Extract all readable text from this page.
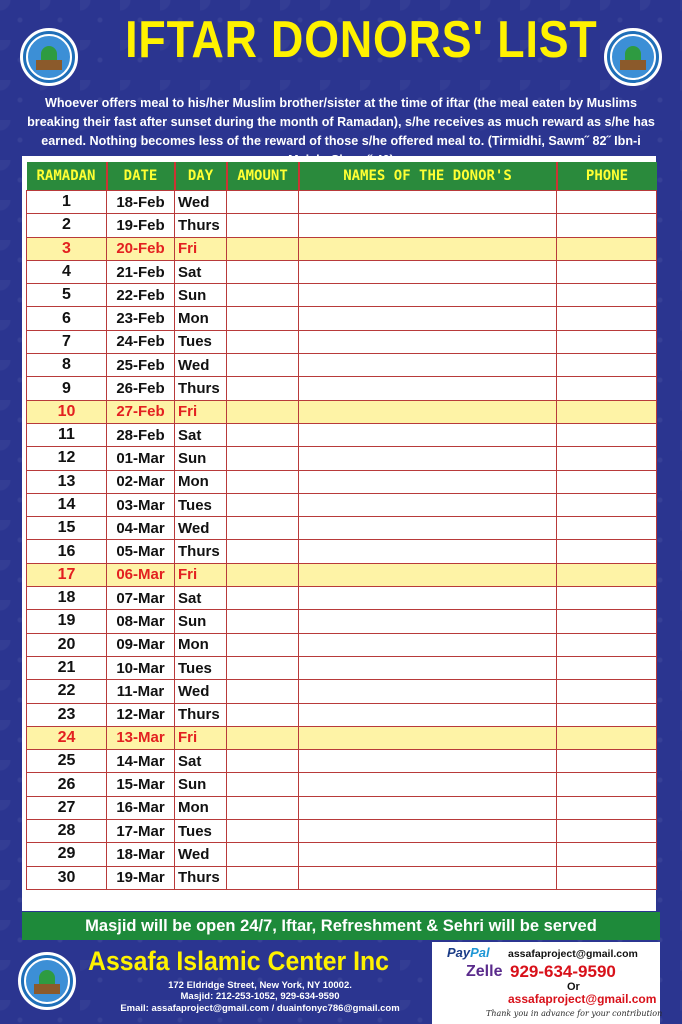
IFTAR DONORS' LIST
Whoever offers meal to his/her Muslim brother/sister at the time of iftar (the meal eaten by Muslims breaking their fast after sunset during the month of Ramadan), s/he receives as much reward as s/he has earned. Nothing becomes less of the reward of those s/he offered meal to. (Tirmidhi, Sawm˝ 82˝ Ibn-i
RAMADAN	DATE	DAY	AMOUNT	NAMES OF THE DONOR'S	PHONE
1	18-Feb	Wed			
2	19-Feb	Thurs			
3	20-Feb	Fri			
4	21-Feb	Sat			
5	22-Feb	Sun			
6	23-Feb	Mon			
7	24-Feb	Tues			
8	25-Feb	Wed			
9	26-Feb	Thurs			
10	27-Feb	Fri			
11	28-Feb	Sat			
12	01-Mar	Sun			
13	02-Mar	Mon			
14	03-Mar	Tues			
15	04-Mar	Wed			
16	05-Mar	Thurs			
17	06-Mar	Fri			
18	07-Mar	Sat			
19	08-Mar	Sun			
20	09-Mar	Mon			
21	10-Mar	Tues			
22	11-Mar	Wed			
23	12-Mar	Thurs			
24	13-Mar	Fri			
25	14-Mar	Sat			
26	15-Mar	Sun			
27	16-Mar	Mon			
28	17-Mar	Tues			
29	18-Mar	Wed			
30	19-Mar	Thurs			
Masjid will be open 24/7, Iftar, Refreshment & Sehri will be served
Assafa Islamic Center Inc
172 Eldridge Street, New York, NY 10002.
Masjid: 212-253-1052, 929-634-9590
Email: assafaproject@gmail.com / duainfonyc786@gmail.com
PayPal assafaproject@gmail.com
Zelle 929-634-9590
Or
assafaproject@gmail.com
Thank you in advance for your contribution
